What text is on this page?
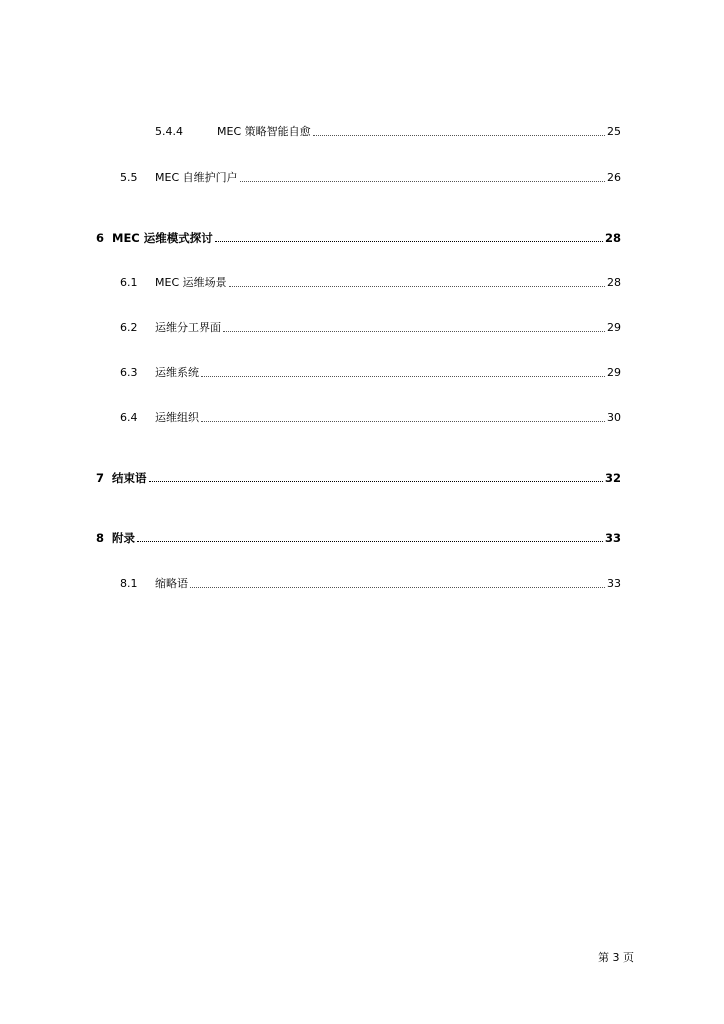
5.4.4	MEC 策略智能自愈	25
5.5	MEC 自维护门户	26
6 MEC 运维模式探讨	28
6.1	MEC 运维场景	28
6.2	运维分工界面	29
6.3	运维系统	29
6.4	运维组织	30
7 结束语	32
8 附录	33
8.1	缩略语	33
第 3 页
